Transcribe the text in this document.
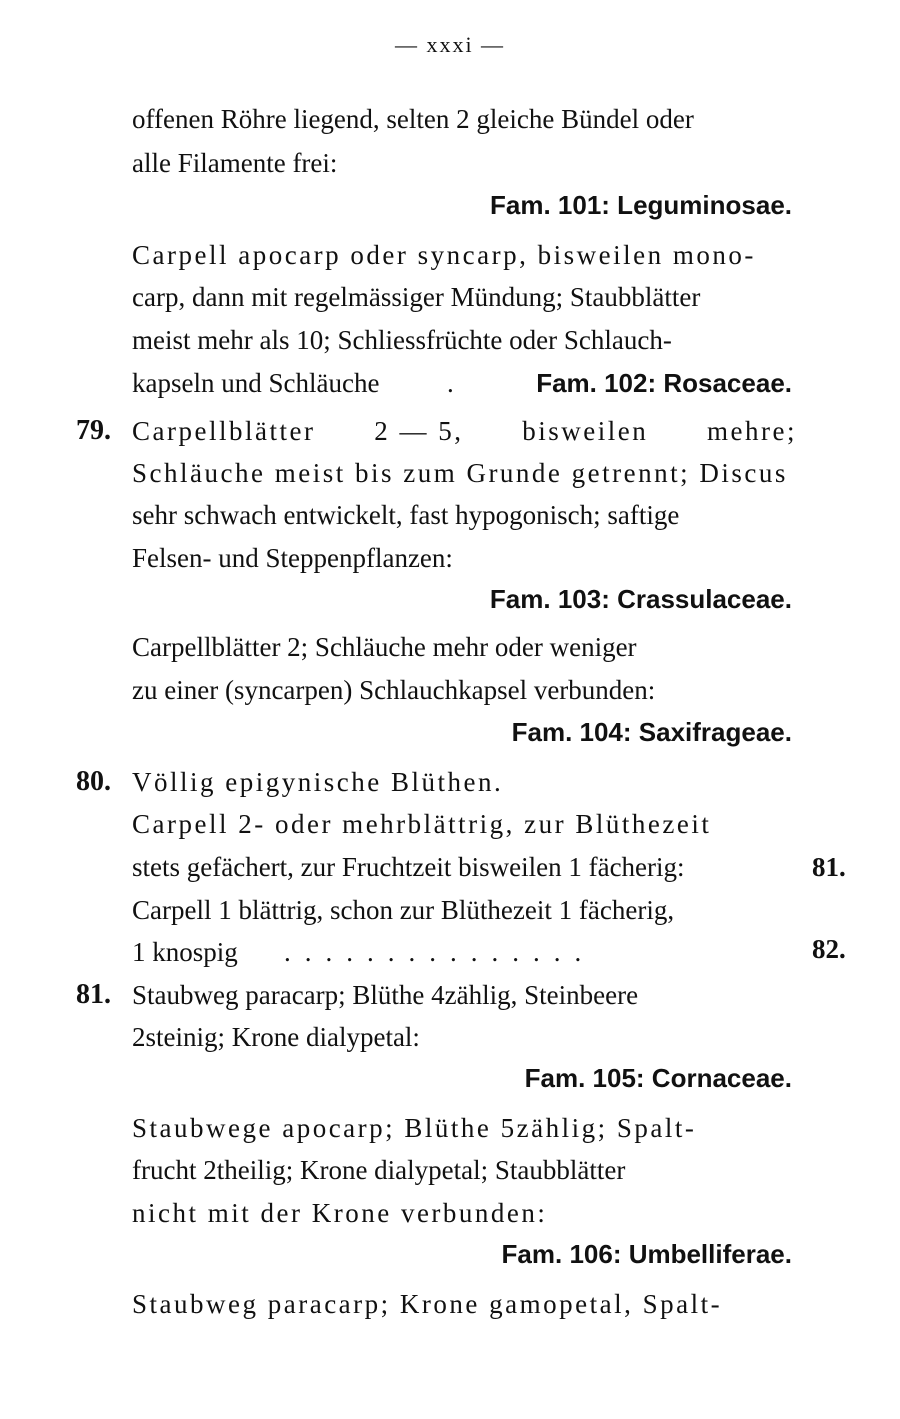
— xxxi —
offenen Röhre liegend, selten 2 gleiche Bündel oder
alle Filamente frei:
Fam. 101: Leguminosae.
Carpell apocarp oder syncarp, bisweilen mono-
carp, dann mit regelmässiger Mündung; Staubblätter
meist mehr als 10; Schliessfrüchte oder Schlauch-
kapseln und Schläuche	.	Fam. 102: Rosaceae.
79. Carpellblätter 2 — 5, bisweilen mehre;
Schläuche meist bis zum Grunde getrennt; Discus
sehr schwach entwickelt, fast hypogonisch; saftige
Felsen- und Steppenpflanzen:
Fam. 103: Crassulaceae.
Carpellblätter 2; Schläuche mehr oder weniger
zu einer (syncarpen) Schlauchkapsel verbunden:
Fam. 104: Saxifrageae.
80. Völlig epigynische Blüthen.
Carpell 2- oder mehrblättrig, zur Blüthezeit
stets gefächert, zur Fruchtzeit bisweilen 1 fächerig:	81.
Carpell 1 blättrig, schon zur Blüthezeit 1 fächerig,
1 knospig ...............	82.
81. Staubweg paracarp; Blüthe 4zählig, Steinbeere
2steinig; Krone dialypetal:
Fam. 105: Cornaceae.
Staubwege apocarp; Blüthe 5zählig; Spalt-
frucht 2theilig; Krone dialypetal; Staubblätter
nicht mit der Krone verbunden:
Fam. 106: Umbelliferae.
Staubweg paracarp; Krone gamopetal, Spalt-
